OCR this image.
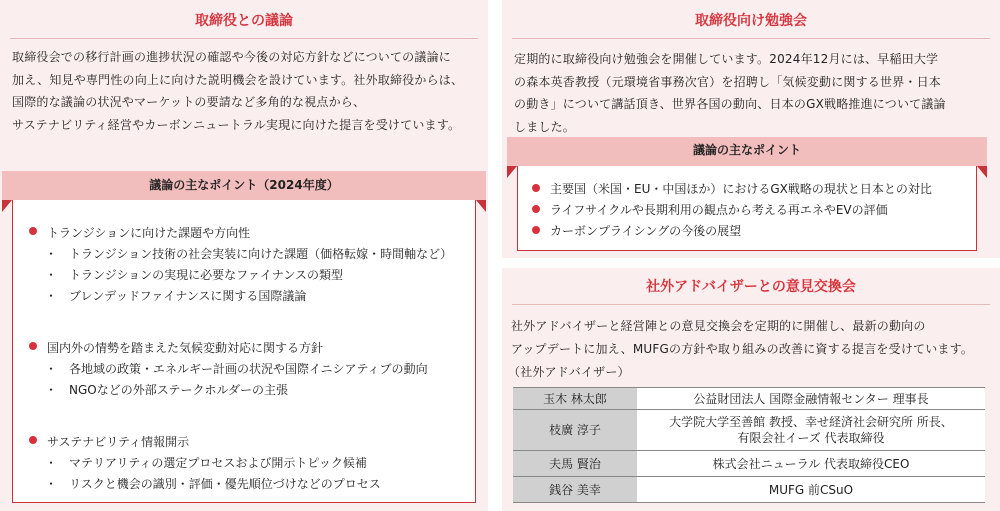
取締役との議論
取締役会での移行計画の進捗状況の確認や今後の対応方針などについての議論に
加え、知見や専門性の向上に向けた説明機会を設けています。社外取締役からは、
国際的な議論の状況やマーケットの要請など多角的な視点から、
サステナビリティ経営やカーボンニュートラル実現に向けた提言を受けています。
議論の主なポイント（2024年度）
トランジションに向けた課題や方向性
・ トランジション技術の社会実装に向けた課題（価格転嫁・時間軸など）
・ トランジションの実現に必要なファイナンスの類型
・ ブレンデッドファイナンスに関する国際議論
国内外の情勢を踏まえた気候変動対応に関する方針
・ 各地域の政策・エネルギー計画の状況や国際イニシアティブの動向
・ NGOなどの外部ステークホルダーの主張
サステナビリティ情報開示
・ マテリアリティの選定プロセスおよび開示トピック候補
・ リスクと機会の識別・評価・優先順位づけなどのプロセス
取締役向け勉強会
定期的に取締役向け勉強会を開催しています。2024年12月には、早稲田大学
の森本英香教授（元環境省事務次官）を招聘し「気候変動に関する世界・日本
の動き」について講話頂き、世界各国の動向、日本のGX戦略推進について議論
しました。
議論の主なポイント
主要国（米国・EU・中国ほか）におけるGX戦略の現状と日本との対比
ライフサイクルや長期利用の観点から考える再エネやEVの評価
カーボンプライシングの今後の展望
社外アドバイザーとの意見交換会
社外アドバイザーと経営陣との意見交換会を定期的に開催し、最新の動向の
アップデートに加え、MUFGの方針や取り組みの改善に資する提言を受けています。
（社外アドバイザー）
玉木 林太郎	公益財団法人 国際金融情報センター 理事長

枝廣 淳子	大学院大学至善館 教授、幸せ経済社会研究所 所長、
有限会社イーズ 代表取締役

夫馬 賢治	株式会社ニューラル 代表取締役CEO

銭谷 美幸	MUFG 前CSuO
